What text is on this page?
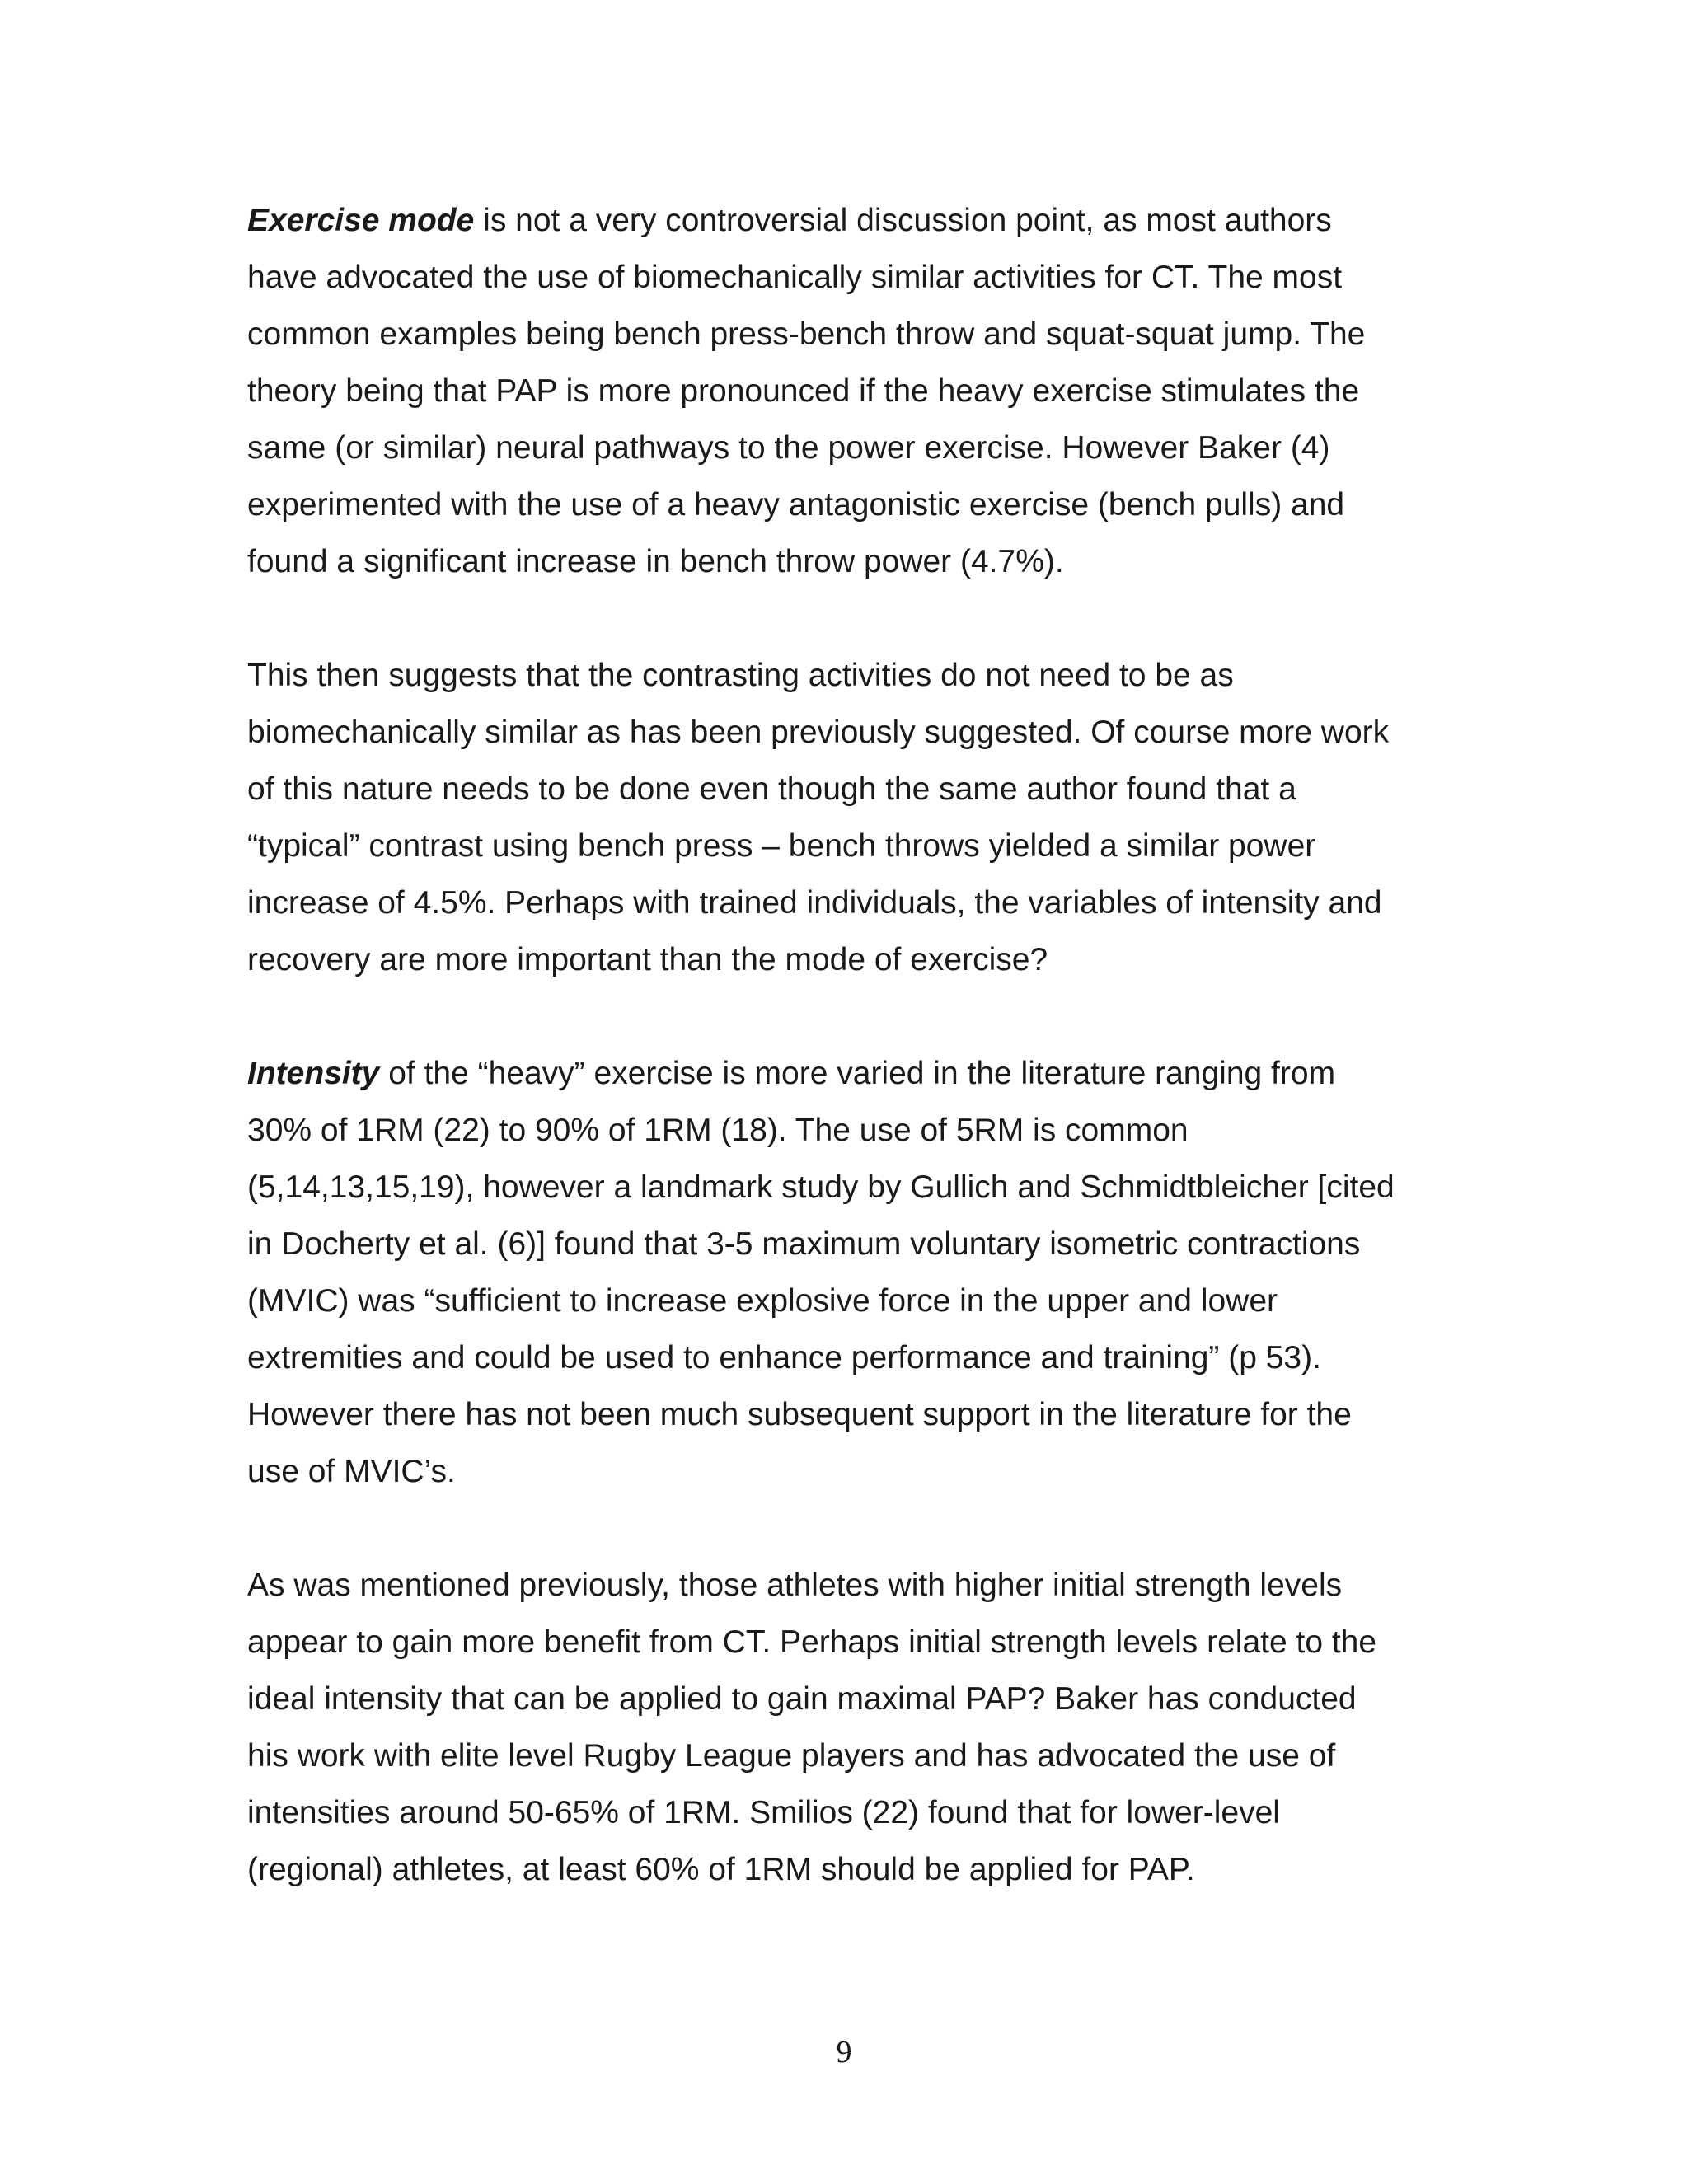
Exercise mode is not a very controversial discussion point, as most authors
have advocated the use of biomechanically similar activities for CT. The most
common examples being bench press-bench throw and squat-squat jump. The
theory being that PAP is more pronounced if the heavy exercise stimulates the
same (or similar) neural pathways to the power exercise. However Baker (4)
experimented with the use of a heavy antagonistic exercise (bench pulls) and
found a significant increase in bench throw power (4.7%).

This then suggests that the contrasting activities do not need to be as
biomechanically similar as has been previously suggested. Of course more work
of this nature needs to be done even though the same author found that a
“typical” contrast using bench press – bench throws yielded a similar power
increase of 4.5%. Perhaps with trained individuals, the variables of intensity and
recovery are more important than the mode of exercise?

Intensity of the “heavy” exercise is more varied in the literature ranging from
30% of 1RM (22) to 90% of 1RM (18). The use of 5RM is common
(5,14,13,15,19), however a landmark study by Gullich and Schmidtbleicher [cited
in Docherty et al. (6)] found that 3-5 maximum voluntary isometric contractions
(MVIC) was “sufficient to increase explosive force in the upper and lower
extremities and could be used to enhance performance and training” (p 53).
However there has not been much subsequent support in the literature for the
use of MVIC’s.

As was mentioned previously, those athletes with higher initial strength levels
appear to gain more benefit from CT. Perhaps initial strength levels relate to the
ideal intensity that can be applied to gain maximal PAP? Baker has conducted
his work with elite level Rugby League players and has advocated the use of
intensities around 50-65% of 1RM. Smilios (22) found that for lower-level
(regional) athletes, at least 60% of 1RM should be applied for PAP.

9
